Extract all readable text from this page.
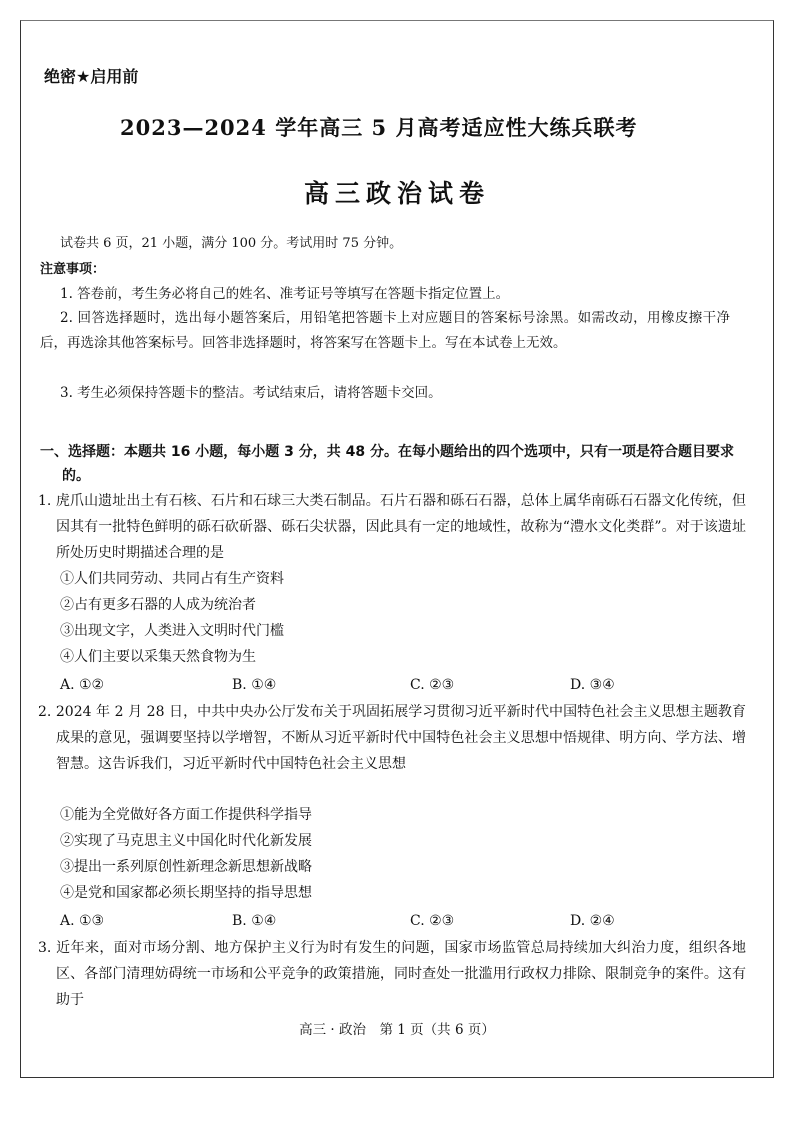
绝密★启用前
2023—2024 学年高三 5 月高考适应性大练兵联考
高三政治试卷
试卷共 6 页，21 小题，满分 100 分。考试用时 75 分钟。
注意事项：
1. 答卷前，考生务必将自己的姓名、准考证号等填写在答题卡指定位置上。
2. 回答选择题时，选出每小题答案后，用铅笔把答题卡上对应题目的答案标号涂黑。如需改动，用橡皮擦干净后，再选涂其他答案标号。回答非选择题时，将答案写在答题卡上。写在本试卷上无效。
3. 考生必须保持答题卡的整洁。考试结束后，请将答题卡交回。
一、选择题：本题共 16 小题，每小题 3 分，共 48 分。在每小题给出的四个选项中，只有一项是符合题目要求的。
1. 虎爪山遗址出土有石核、石片和石球三大类石制品。石片石器和砾石石器，总体上属华南砾石石器文化传统，但因其有一批特色鲜明的砾石砍斫器、砾石尖状器，因此具有一定的地域性，故称为“澧水文化类群”。对于该遗址所处历史时期描述合理的是
①人们共同劳动、共同占有生产资料
②占有更多石器的人成为统治者
③出现文字，人类进入文明时代门槛
④人们主要以采集天然食物为生
A. ①②	B. ①④	C. ②③	D. ③④
2. 2024 年 2 月 28 日，中共中央办公厅发布关于巩固拓展学习贯彻习近平新时代中国特色社会主义思想主题教育成果的意见，强调要坚持以学增智，不断从习近平新时代中国特色社会主义思想中悟规律、明方向、学方法、增智慧。这告诉我们，习近平新时代中国特色社会主义思想
①能为全党做好各方面工作提供科学指导
②实现了马克思主义中国化时代化新发展
③提出一系列原创性新理念新思想新战略
④是党和国家都必须长期坚持的指导思想
A. ①③	B. ①④	C. ②③	D. ②④
3. 近年来，面对市场分割、地方保护主义行为时有发生的问题，国家市场监管总局持续加大纠治力度，组织各地区、各部门清理妨碍统一市场和公平竞争的政策措施，同时查处一批滥用行政权力排除、限制竞争的案件。这有助于
高三 · 政治　第 1 页（共 6 页）
